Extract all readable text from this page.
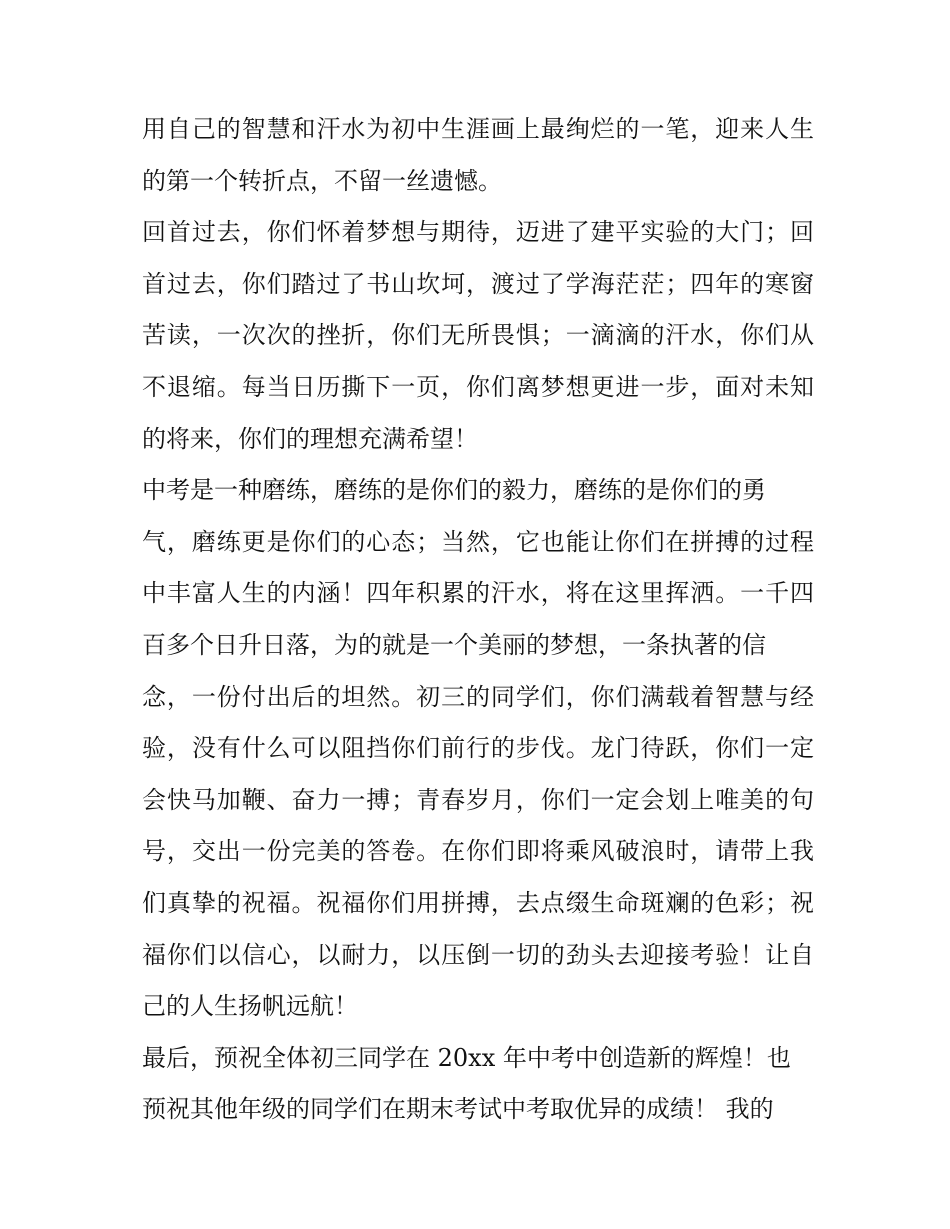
用自己的智慧和汗水为初中生涯画上最绚烂的一笔，迎来人生
的第一个转折点，不留一丝遗憾。
回首过去，你们怀着梦想与期待，迈进了建平实验的大门；回
首过去，你们踏过了书山坎坷，渡过了学海茫茫；四年的寒窗
苦读，一次次的挫折，你们无所畏惧；一滴滴的汗水，你们从
不退缩。每当日历撕下一页，你们离梦想更进一步，面对未知
的将来，你们的理想充满希望！
中考是一种磨练，磨练的是你们的毅力，磨练的是你们的勇
气，磨练更是你们的心态；当然，它也能让你们在拼搏的过程
中丰富人生的内涵！四年积累的汗水，将在这里挥洒。一千四
百多个日升日落，为的就是一个美丽的梦想，一条执著的信
念，一份付出后的坦然。初三的同学们，你们满载着智慧与经
验，没有什么可以阻挡你们前行的步伐。龙门待跃，你们一定
会快马加鞭、奋力一搏；青春岁月，你们一定会划上唯美的句
号，交出一份完美的答卷。在你们即将乘风破浪时，请带上我
们真挚的祝福。祝福你们用拼搏，去点缀生命斑斓的色彩；祝
福你们以信心，以耐力，以压倒一切的劲头去迎接考验！让自
己的人生扬帆远航！
最后，预祝全体初三同学在 20xx 年中考中创造新的辉煌！也
预祝其他年级的同学们在期末考试中考取优异的成绩！ 我的
